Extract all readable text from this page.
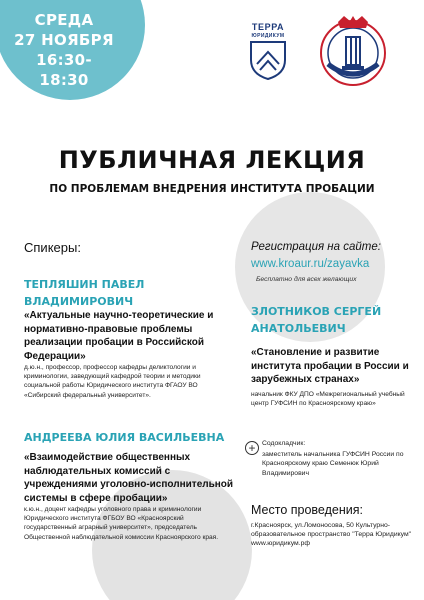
СРЕДА
27 НОЯБРЯ
16:30-18:30
ТЕРРА
ЮРИДИКУМ
ПУБЛИЧНАЯ ЛЕКЦИЯ
ПО ПРОБЛЕМАМ ВНЕДРЕНИЯ ИНСТИТУТА ПРОБАЦИИ
Спикеры:
ТЕПЛЯШИН ПАВЕЛ ВЛАДИМИРОВИЧ
«Актуальные научно-теоретические и нормативно-правовые проблемы реализации пробации в Российской Федерации»
д.ю.н., профессор, профессор кафедры деликтологии и криминологии, заведующий кафедрой теории и методики социальной работы Юридического института ФГАОУ ВО «Сибирский федеральный университет».
АНДРЕЕВА ЮЛИЯ ВАСИЛЬЕВНА
«Взаимодействие общественных наблюдательных комиссий с учреждениями уголовно-исполнительной системы в сфере пробации»
к.ю.н., доцент кафедры уголовного права и криминологии Юридического института ФГБОУ ВО «Красноярский государственный аграрный университет», председатель Общественной наблюдательной комиссии Красноярского края.
Регистрация на сайте:
www.kroaur.ru/zayavka
Бесплатно для всех желающих
ЗЛОТНИКОВ СЕРГЕЙ АНАТОЛЬЕВИЧ
«Становление и развитие института пробации в России и зарубежных странах»
начальник ФКУ ДПО «Межрегиональный учебный центр ГУФСИН по Красноярскому краю»
+ Содокладчик:
заместитель начальника ГУФСИН России по Красноярскому краю Семенюк Юрий Владимирович
Место проведения:
г.Красноярск, ул.Ломоносова, 50 Культурно-образовательное пространство "Терра Юридикум" www.юридикум.рф
